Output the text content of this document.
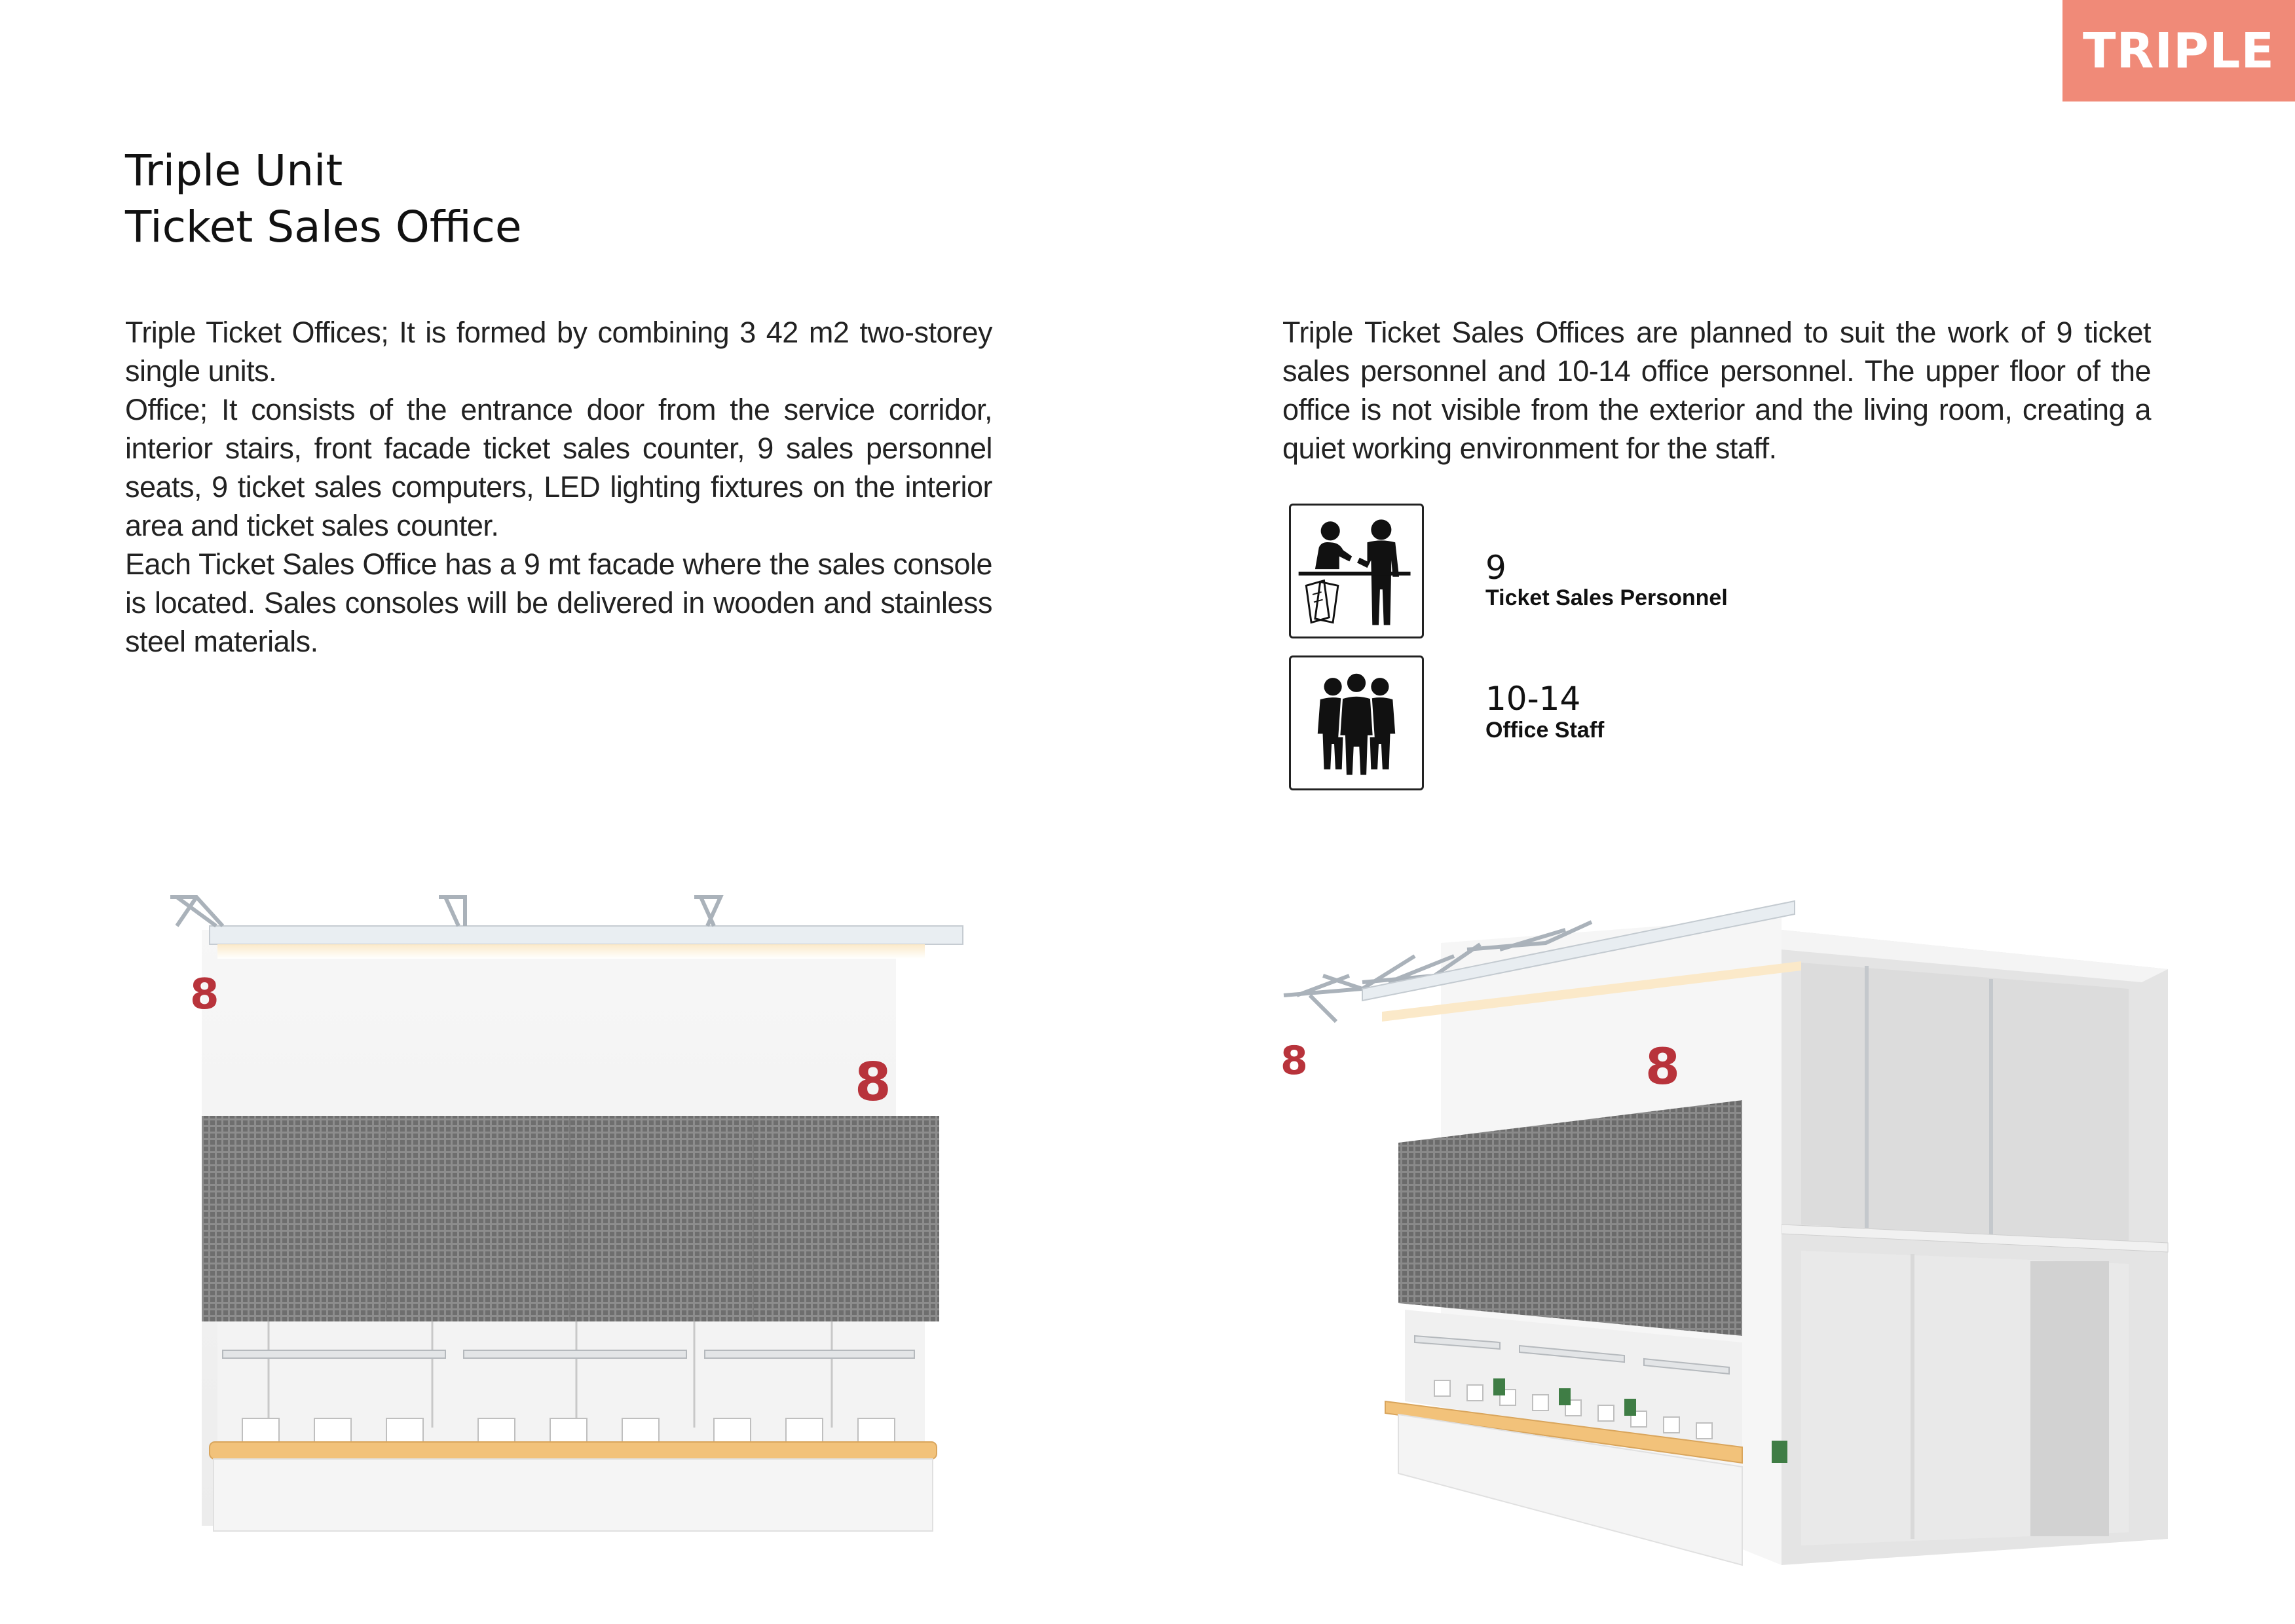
TRIPLE
Triple Unit
Ticket Sales Office

Triple Ticket Offices; It is formed by combining 3 42 m2 two-storey single units.

Office; It consists of the entrance door from the service corridor, interior stairs, front facade ticket sales counter, 9 sales personnel seats, 9 ticket sales computers, LED lighting fixtures on the interior area and ticket sales counter.

Each Ticket Sales Office has a 9 mt facade where the sales console is located. Sales consoles will be delivered in wooden and stainless steel materials.

Triple Ticket Sales Offices are planned to suit the work of 9 ticket sales personnel and 10-14 office personnel. The upper floor of the office is not visible from the exterior and the living room, creating a quiet working environment for the staff.

9
Ticket Sales Personnel
10-14
Office Staff
8
8	8	8
